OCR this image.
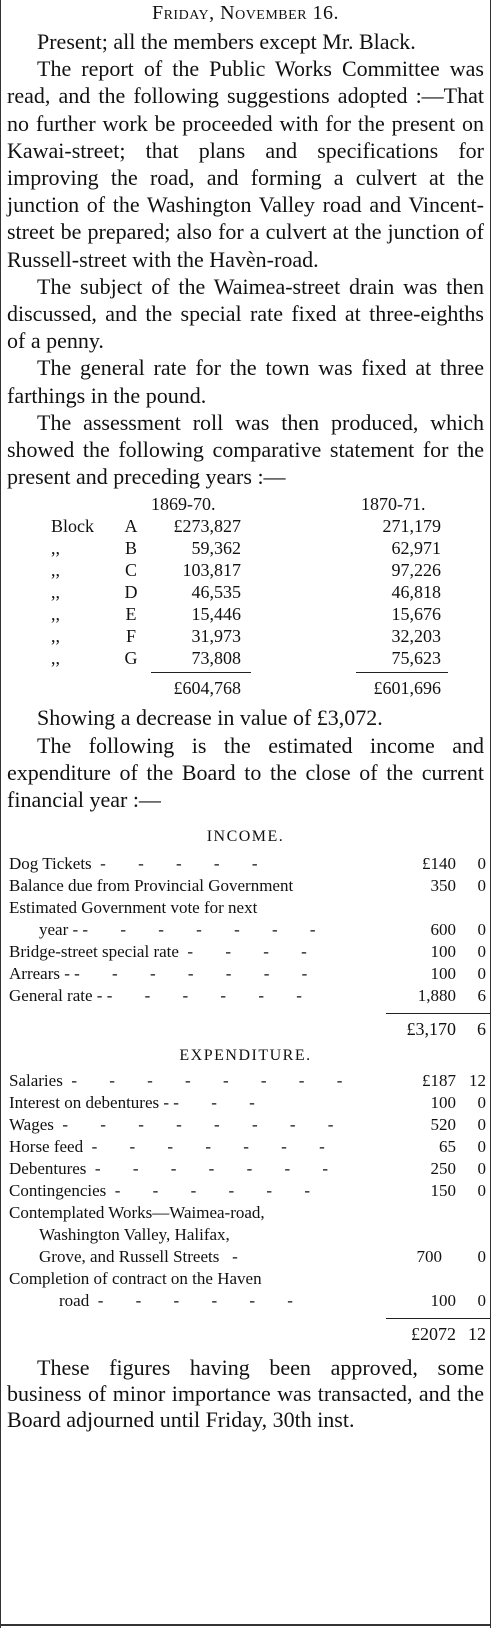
Friday, November 16.

Present; all the members except Mr. Black.

The report of the Public Works Committee was read, and the following suggestions adopted :—That no further work be proceeded with for the present on Kawai-street; that plans and specifications for improving the road, and forming a culvert at the junction of the Washington Valley road and Vincent-street be prepared; also for a culvert at the junction of Russell-street with the Havèn-road.

The subject of the Waimea-street drain was then discussed, and the special rate fixed at three-eighths of a penny.

The general rate for the town was fixed at three farthings in the pound.

The assessment roll was then produced, which showed the following comparative statement for the present and preceding years :—

1869-70.	1870-71.
Block	A	£273,827	271,179
,,	B	59,362	62,971
,,	C	103,817	97,226
,,	D	46,535	46,818
,,	E	15,446	15,676
,,	F	31,973	32,203
,,	G	73,808	75,623
£604,768	£601,696

Showing a decrease in value of £3,072.

The following is the estimated income and expenditure of the Board to the close of the current financial year :—

INCOME.

Dog Tickets - - - - -	£140	0
Balance due from Provincial Government	350	0
Estimated Government vote for next
year - - - - - - - -	600	0
Bridge-street special rate - - - -	100	0
Arrears - - - - - - - -	100	0
General rate - - - - - - -	1,880	6
£3,170	6

EXPENDITURE.

Salaries - - - - - - - -	£187 12
Interest on debentures - - - -	100	0
Wages - - - - - - - -	520	0
Horse feed - - - - - - -	65	0
Debentures - - - - - - -	250	0
Contingencies - - - - - -	150	0
Contemplated Works—Waimea-road,
Washington Valley, Halifax,
Grove, and Russell Streets -	700	0
Completion of contract on the Haven
road - - - - - -	100	0
£2072 12

These figures having been approved, some business of minor importance was transacted, and the Board adjourned until Friday, 30th inst.
